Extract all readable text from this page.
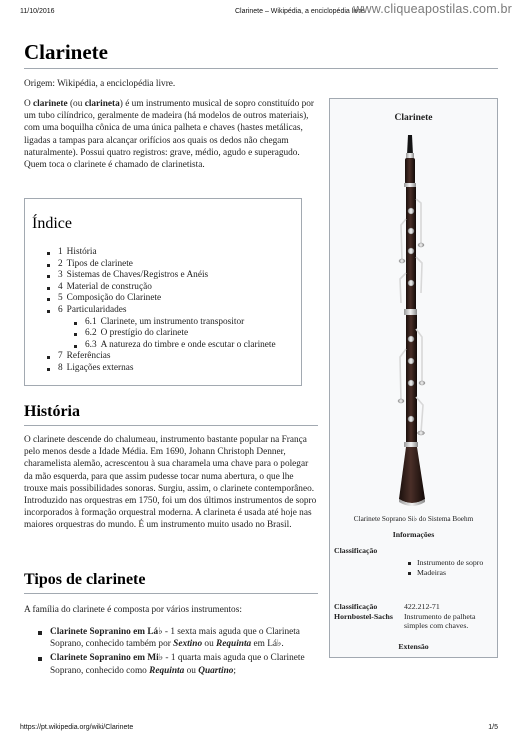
11/10/2016	Clarinete – Wikipédia, a enciclopédia livre
www.cliqueapostilas.com.br
Clarinete
Origem: Wikipédia, a enciclopédia livre.

O clarinete (ou clarineta) é um instrumento musical de sopro constituído por um tubo cilíndrico, geralmente de madeira (há modelos de outros materiais), com uma boquilha cônica de uma única palheta e chaves (hastes metálicas, ligadas a tampas para alcançar orifícios aos quais os dedos não chegam naturalmente). Possui quatro registros: grave, médio, agudo e superagudo. Quem toca o clarinete é chamado de clarinetista.

Índice
1 História
2 Tipos de clarinete
3 Sistemas de Chaves/Registros e Anéis
4 Material de construção
5 Composição do Clarinete
6 Particularidades
6.1 Clarinete, um instrumento transpositor
6.2 O prestígio do clarinete
6.3 A natureza do timbre e onde escutar o clarinete
7 Referências
8 Ligações externas
História

O clarinete descende do chalumeau, instrumento bastante popular na França pelo menos desde a Idade Média. Em 1690, Johann Christoph Denner, charamelista alemão, acrescentou à sua charamela uma chave para o polegar da mão esquerda, para que assim pudesse tocar numa abertura, o que lhe trouxe mais possibilidades sonoras. Surgiu, assim, o clarinete contemporâneo. Introduzido nas orquestras em 1750, foi um dos últimos instrumentos de sopro incorporados à formação orquestral moderna. A clarineta é usada até hoje nas maiores orquestras do mundo. É um instrumento muito usado no Brasil.

Tipos de clarinete

A família do clarinete é composta por vários instrumentos:

Clarinete Sopranino em Lá♭ - 1 sexta mais aguda que o Clarineta Soprano, conhecido também por Sextino ou Requinta em Lá♭.
Clarinete Sopranino em Mi♭ - 1 quarta mais aguda que o Clarinete Soprano, conhecido como Requinta ou Quartino;
Clarinete
Clarinete Soprano Si♭ do Sistema Boehm
Informações
Classificação
Instrumento de sopro
Madeiras
Classificação Hornbostel-Sachs
422.212-71
Instrumento de palheta simples com chaves.
Extensão
https://pt.wikipedia.org/wiki/Clarinete	1/5
